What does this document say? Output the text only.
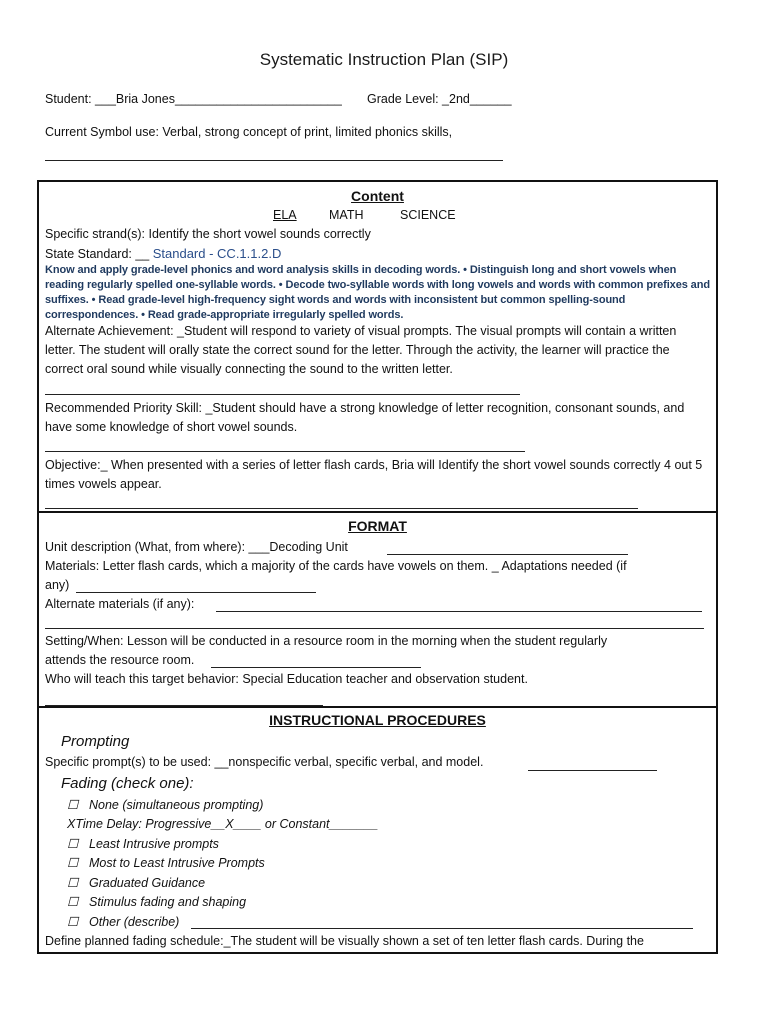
Systematic Instruction Plan (SIP)
Student: ___Bria Jones________________________ Grade Level: _2nd______
Current Symbol use: Verbal, strong concept of print, limited phonics skills,
Content
ELA	MATH	SCIENCE
Specific strand(s): Identify the short vowel sounds correctly
State Standard: __ Standard - CC.1.1.2.D
Know and apply grade-level phonics and word analysis skills in decoding words. • Distinguish long and short vowels when reading regularly spelled one-syllable words. • Decode two-syllable words with long vowels and words with common prefixes and suffixes. • Read grade-level high-frequency sight words and words with inconsistent but common spelling-sound correspondences. • Read grade-appropriate irregularly spelled words.
Alternate Achievement: _Student will respond to variety of visual prompts. The visual prompts will contain a written letter. The student will orally state the correct sound for the letter. Through the activity, the learner will practice the correct oral sound while visually connecting the sound to the written letter.
Recommended Priority Skill: _Student should have a strong knowledge of letter recognition, consonant sounds, and have some knowledge of short vowel sounds.
Objective:_ When presented with a series of letter flash cards, Bria will Identify the short vowel sounds correctly 4 out 5 times vowels appear.
FORMAT
Unit description (What, from where): ___Decoding Unit
Materials: Letter flash cards, which a majority of the cards have vowels on them. _ Adaptations needed (if
any)
Alternate materials (if any):
Setting/When: Lesson will be conducted in a resource room in the morning when the student regularly
attends the resource room.
Who will teach this target behavior: Special Education teacher and observation student.
INSTRUCTIONAL PROCEDURES
Prompting
Specific prompt(s) to be used: __nonspecific verbal, specific verbal, and model.
Fading (check one):
☐ None (simultaneous prompting)
XTime Delay: Progressive__X____ or Constant_______
☐ Least Intrusive prompts
☐ Most to Least Intrusive Prompts
☐ Graduated Guidance
☐ Stimulus fading and shaping
☐ Other (describe)
Define planned fading schedule:_The student will be visually shown a set of ten letter flash cards. During the
